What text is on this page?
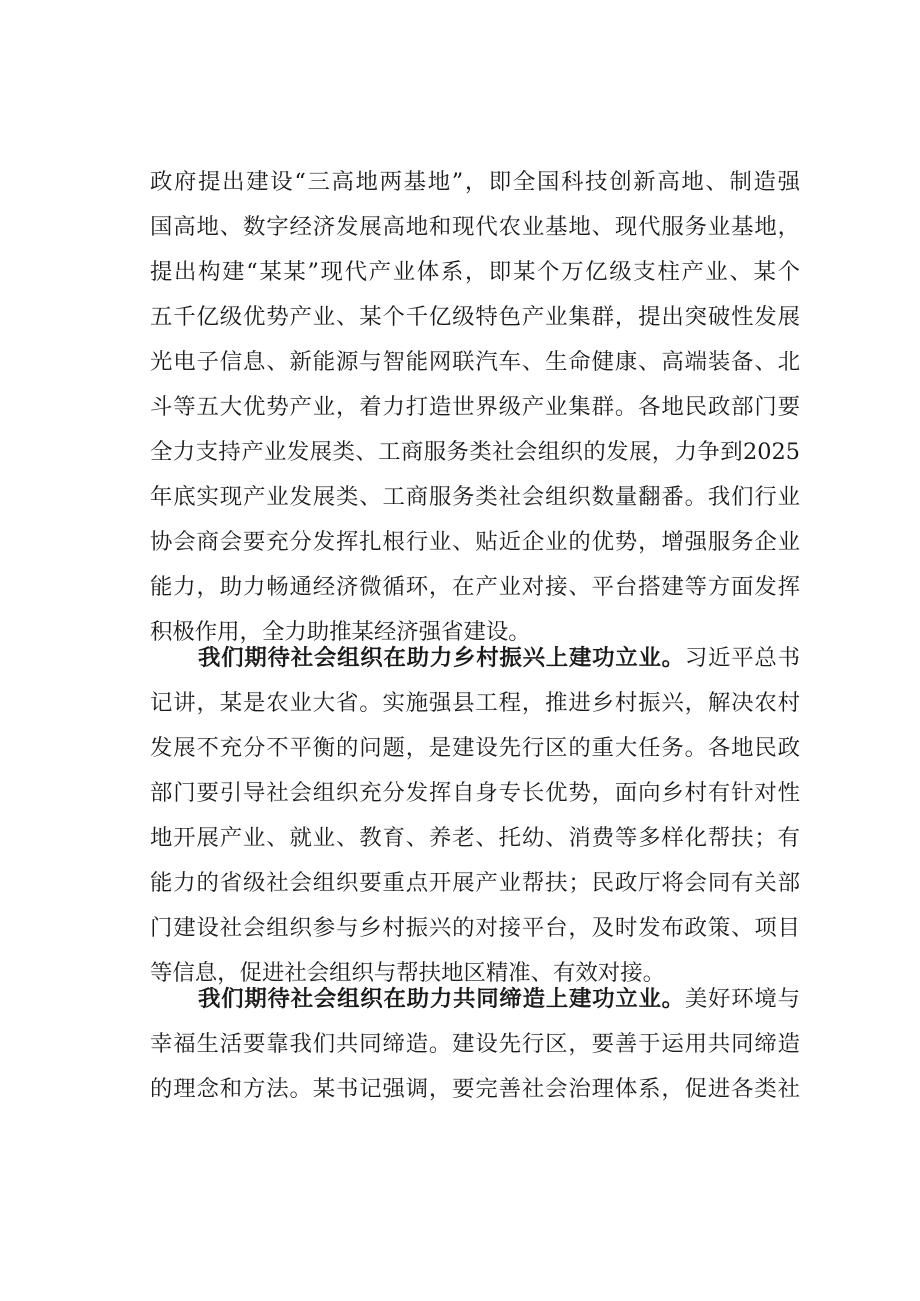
政府提出建设“三高地两基地”，即全国科技创新高地、制造强
国高地、数字经济发展高地和现代农业基地、现代服务业基地，
提出构建“某某”现代产业体系，即某个万亿级支柱产业、某个
五千亿级优势产业、某个千亿级特色产业集群，提出突破性发展
光电子信息、新能源与智能网联汽车、生命健康、高端装备、北
斗等五大优势产业，着力打造世界级产业集群。各地民政部门要
全力支持产业发展类、工商服务类社会组织的发展，力争到2025
年底实现产业发展类、工商服务类社会组织数量翻番。我们行业
协会商会要充分发挥扎根行业、贴近企业的优势，增强服务企业
能力，助力畅通经济微循环，在产业对接、平台搭建等方面发挥
积极作用，全力助推某经济强省建设。
我们期待社会组织在助力乡村振兴上建功立业。习近平总书
记讲，某是农业大省。实施强县工程，推进乡村振兴，解决农村
发展不充分不平衡的问题，是建设先行区的重大任务。各地民政
部门要引导社会组织充分发挥自身专长优势，面向乡村有针对性
地开展产业、就业、教育、养老、托幼、消费等多样化帮扶；有
能力的省级社会组织要重点开展产业帮扶；民政厅将会同有关部
门建设社会组织参与乡村振兴的对接平台，及时发布政策、项目
等信息，促进社会组织与帮扶地区精准、有效对接。
我们期待社会组织在助力共同缔造上建功立业。美好环境与
幸福生活要靠我们共同缔造。建设先行区，要善于运用共同缔造
的理念和方法。某书记强调，要完善社会治理体系，促进各类社
